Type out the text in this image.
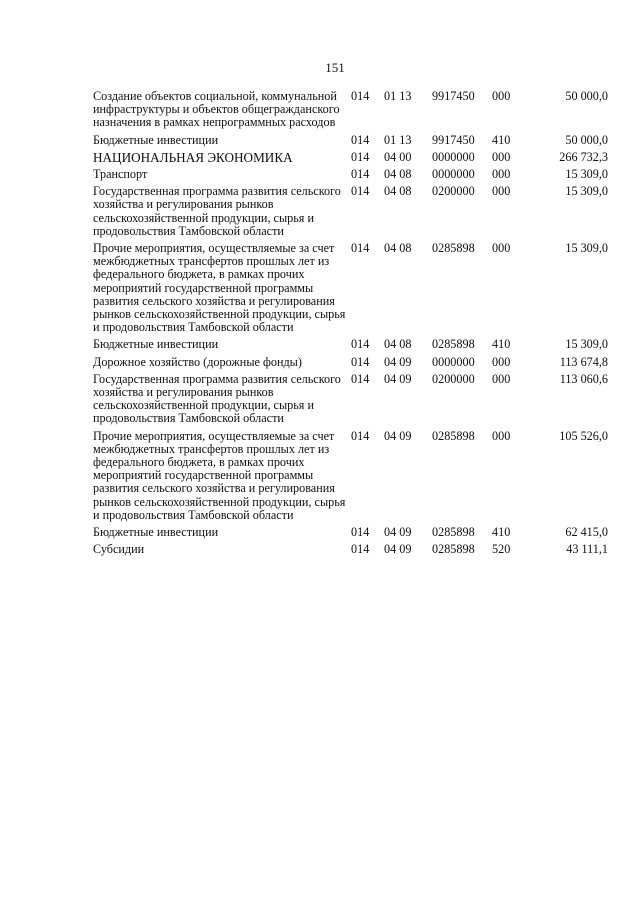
151
Создание объектов социальной, коммунальной инфраструктуры и объектов общегражданского назначения в рамках непрограммных расходов
014	01 13	9917450	000	50 000,0
Бюджетные инвестиции	014	01 13	9917450	410	50 000,0
НАЦИОНАЛЬНАЯ ЭКОНОМИКА	014	04 00	0000000	000	266 732,3
Транспорт	014	04 08	0000000	000	15 309,0
Государственная программа развития сельского хозяйства и регулирования рынков сельскохозяйственной продукции, сырья и продовольствия Тамбовской области
014	04 08	0200000	000	15 309,0
Прочие мероприятия, осуществляемые за счет межбюджетных трансфертов прошлых лет из федерального бюджета, в рамках прочих мероприятий государственной программы развития сельского хозяйства и регулирования рынков сельскохозяйственной продукции, сырья и продовольствия Тамбовской области
014	04 08	0285898	000	15 309,0
Бюджетные инвестиции	014	04 08	0285898	410	15 309,0
Дорожное хозяйство (дорожные фонды)	014	04 09	0000000	000	113 674,8
Государственная программа развития сельского хозяйства и регулирования рынков сельскохозяйственной продукции, сырья и продовольствия Тамбовской области
014	04 09	0200000	000	113 060,6
Прочие мероприятия, осуществляемые за счет межбюджетных трансфертов прошлых лет из федерального бюджета, в рамках прочих мероприятий государственной программы развития сельского хозяйства и регулирования рынков сельскохозяйственной продукции, сырья и продовольствия Тамбовской области
014	04 09	0285898	000	105 526,0
Бюджетные инвестиции	014	04 09	0285898	410	62 415,0
Субсидии	014	04 09	0285898	520	43 111,1
